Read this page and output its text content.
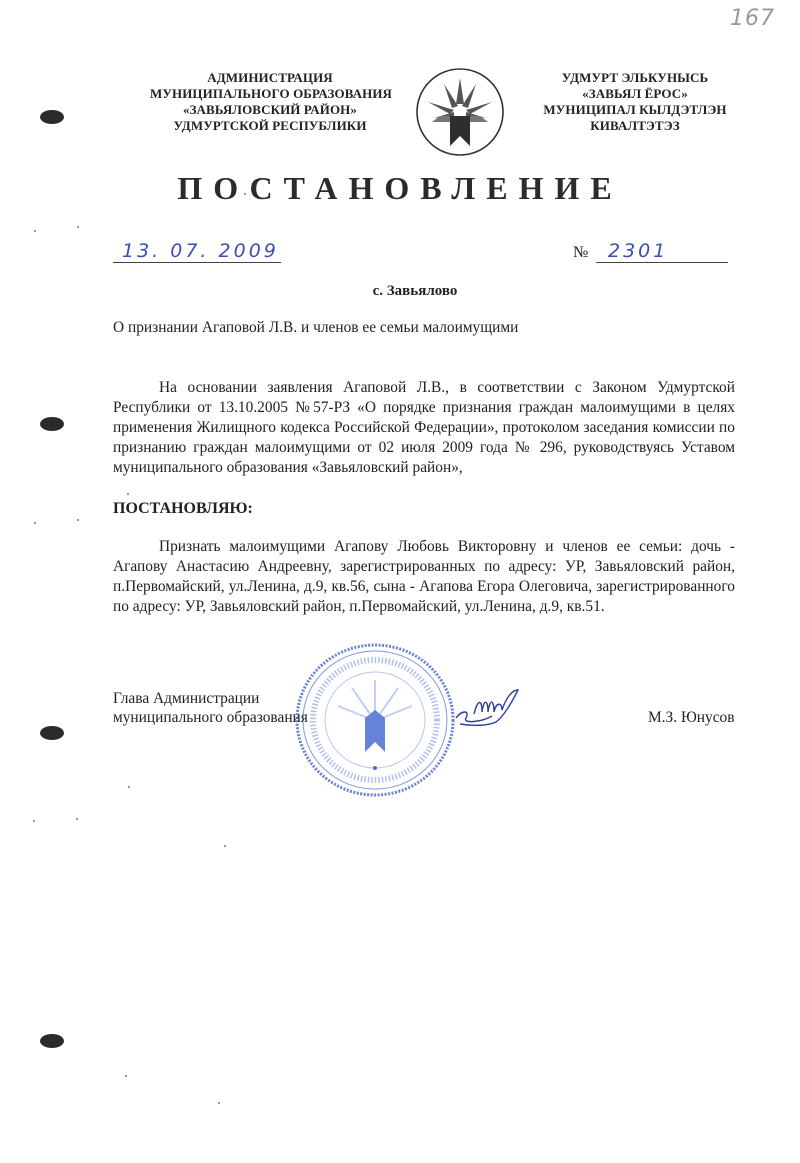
167
АДМИНИСТРАЦИЯ
МУНИЦИПАЛЬНОГО ОБРАЗОВАНИЯ
«ЗАВЬЯЛОВСКИЙ РАЙОН»
УДМУРТСКОЙ РЕСПУБЛИКИ
УДМУРТ ЭЛЬКУНЫСЬ
«ЗАВЬЯЛ ЁРОС»
МУНИЦИПАЛ КЫЛДЭТЛЭН
КИВАЛТЭТЭЗ
ПОСТАНОВЛЕНИЕ
13. 07. 2009	№ 2301
с. Завьялово
О признании Агаповой Л.В. и членов ее семьи малоимущими
На основании заявления Агаповой Л.В., в соответствии с Законом Удмуртской Республики от 13.10.2005 №57-РЗ «О порядке признания граждан малоимущими в целях применения Жилищного кодекса Российской Федерации», протоколом заседания комиссии по признанию граждан малоимущими от 02 июля 2009 года № 296, руководствуясь Уставом муниципального образования «Завьяловский район»,
ПОСТАНОВЛЯЮ:
Признать малоимущими Агапову Любовь Викторовну и членов ее семьи: дочь - Агапову Анастасию Андреевну, зарегистрированных по адресу: УР, Завьяловский район, п.Первомайский, ул.Ленина, д.9, кв.56, сына - Агапова Егора Олеговича, зарегистрированного по адресу: УР, Завьяловский район, п.Первомайский, ул.Ленина, д.9, кв.51.
Глава Администрации
муниципального образования	М.З. Юнусов
